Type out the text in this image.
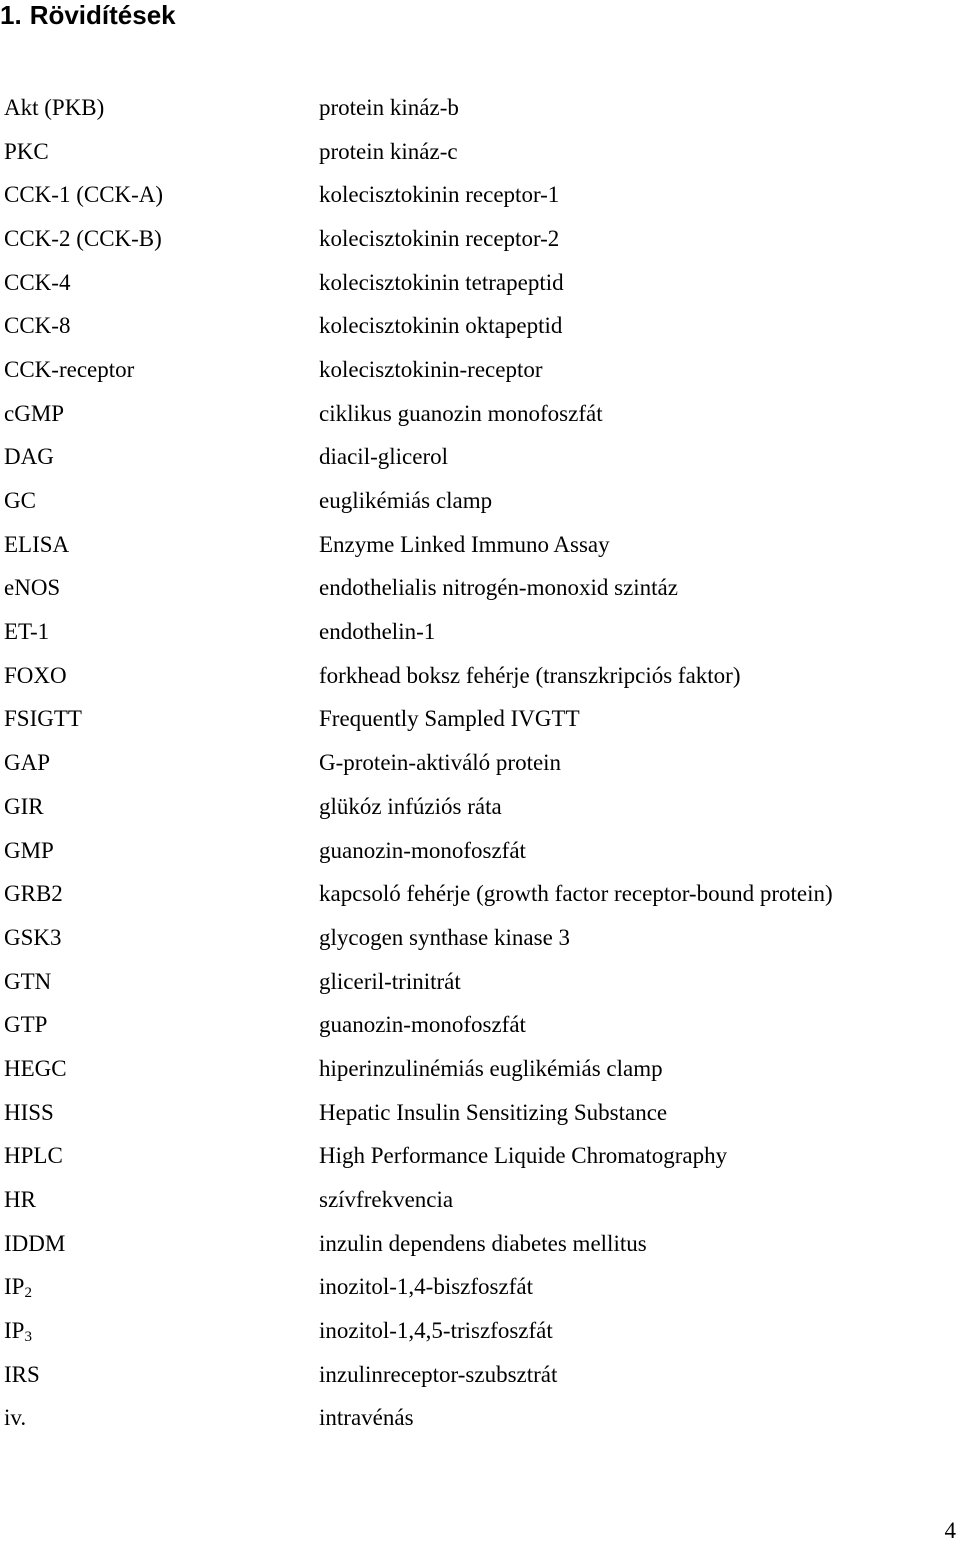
1. Rövidítések
Akt (PKB)	protein kináz-b
PKC	protein kináz-c
CCK-1 (CCK-A)	kolecisztokinin receptor-1
CCK-2 (CCK-B)	kolecisztokinin receptor-2
CCK-4	kolecisztokinin tetrapeptid
CCK-8	kolecisztokinin oktapeptid
CCK-receptor	kolecisztokinin-receptor
cGMP	ciklikus guanozin monofoszfát
DAG	diacil-glicerol
GC	euglikémiás clamp
ELISA	Enzyme Linked Immuno Assay
eNOS	endothelialis nitrogén-monoxid szintáz
ET-1	endothelin-1
FOXO	forkhead boksz fehérje (transzkripciós faktor)
FSIGTT	Frequently Sampled IVGTT
GAP	G-protein-aktiváló protein
GIR	glükóz infúziós ráta
GMP	guanozin-monofoszfát
GRB2	kapcsoló fehérje (growth factor receptor-bound protein)
GSK3	glycogen synthase kinase 3
GTN	gliceril-trinitrát
GTP	guanozin-monofoszfát
HEGC	hiperinzulinémiás euglikémiás clamp
HISS	Hepatic Insulin Sensitizing Substance
HPLC	High Performance Liquide Chromatography
HR	szívfrekvencia
IDDM	inzulin dependens diabetes mellitus
$IP_2$	inozitol-1,4-biszfoszfát
$IP_3$	inozitol-1,4,5-triszfoszfát
IRS	inzulinreceptor-szubsztrát
iv.	intravénás
4
